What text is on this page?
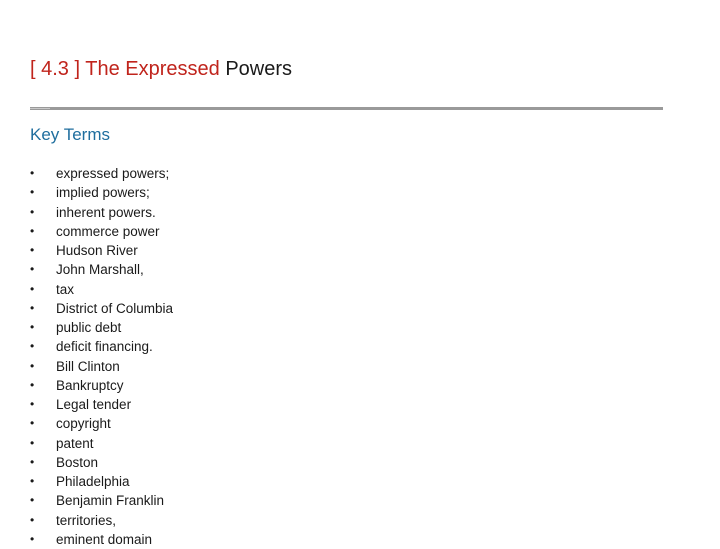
[ 4.3 ] The Expressed Powers
Key Terms
•	expressed powers;
•	implied powers;
•	inherent powers.
•	commerce power
•	Hudson River
•	John Marshall,
•	tax
•	District of Columbia
•	public debt
•	deficit financing.
•	Bill Clinton
•	Bankruptcy
•	Legal tender
•	copyright
•	patent
•	Boston
•	Philadelphia
•	Benjamin Franklin
•	territories,
•	eminent domain
